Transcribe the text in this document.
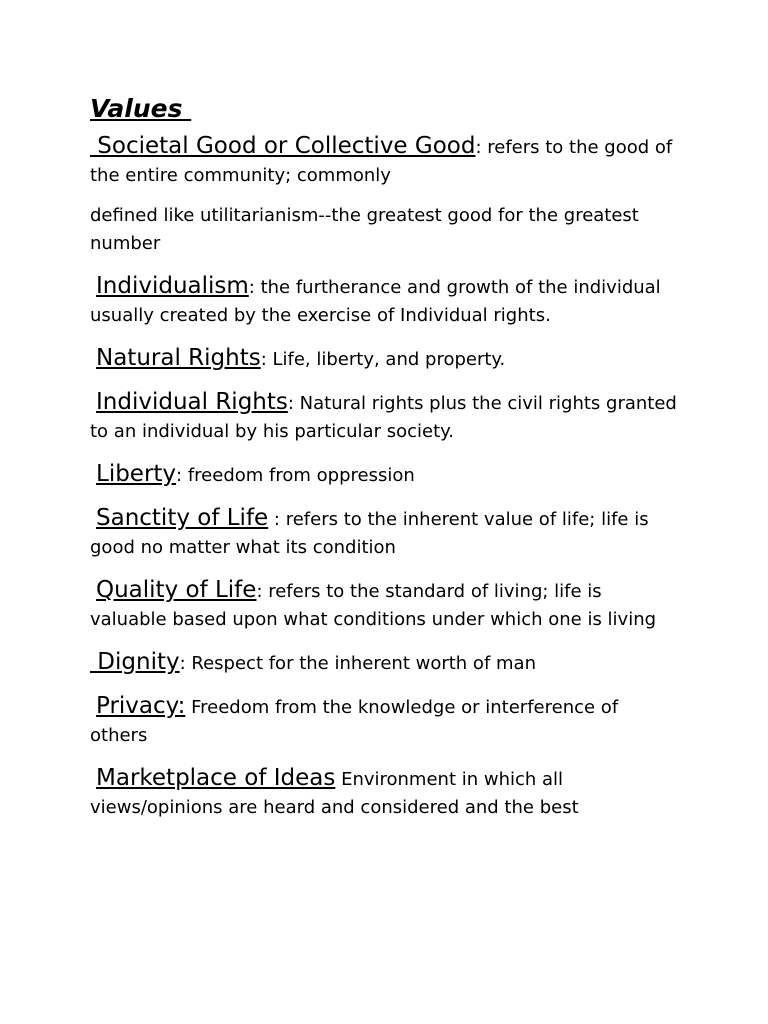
Values

Societal Good or Collective Good: refers to the good of the entire community; commonly

defined like utilitarianism--the greatest good for the greatest number

Individualism: the furtherance and growth of the individual usually created by the exercise of Individual rights.

Natural Rights: Life, liberty, and property.

Individual Rights: Natural rights plus the civil rights granted to an individual by his particular society.

Liberty: freedom from oppression

Sanctity of Life : refers to the inherent value of life; life is good no matter what its condition

Quality of Life: refers to the standard of living; life is valuable based upon what conditions under which one is living

Dignity: Respect for the inherent worth of man

Privacy: Freedom from the knowledge or interference of others

Marketplace of Ideas Environment in which all views/opinions are heard and considered and the best
